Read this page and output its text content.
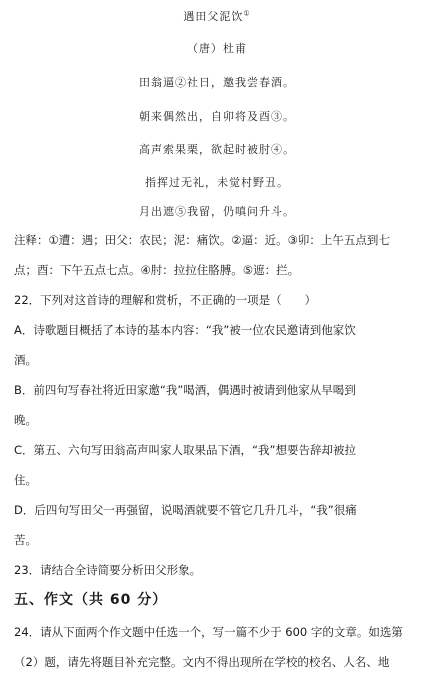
遇田父泥饮①
（唐）杜甫
田翁逼②社日，邀我尝春酒。
朝来偶然出，自卯将及酉③。
高声索果栗，欲起时被肘④。
指挥过无礼，未觉村野丑。
月出遮⑤我留，仍嗔问升斗。
注释：①遭：遇；田父：农民；泥：痛饮。②逼：近。③卯：上午五点到七
点；酉：下午五点七点。④肘：拉拉住胳膊。⑤遮：拦。
22．下列对这首诗的理解和赏析，不正确的一项是（　　）
A．诗歌题目概括了本诗的基本内容：“我”被一位农民邀请到他家饮
酒。
B．前四句写春社将近田家邀“我”喝酒，偶遇时被请到他家从早喝到
晚。
C．第五、六句写田翁高声叫家人取果品下酒，“我”想要告辞却被拉
住。
D．后四句写田父一再强留，说喝酒就要不管它几升几斗，“我”很痛
苦。
23．请结合全诗简要分析田父形象。
五、作文（共 60 分）
24．请从下面两个作文题中任选一个，写一篇不少于 600 字的文章。如选第
（2）题，请先将题目补充完整。文内不得出现所在学校的校名、人名、地
